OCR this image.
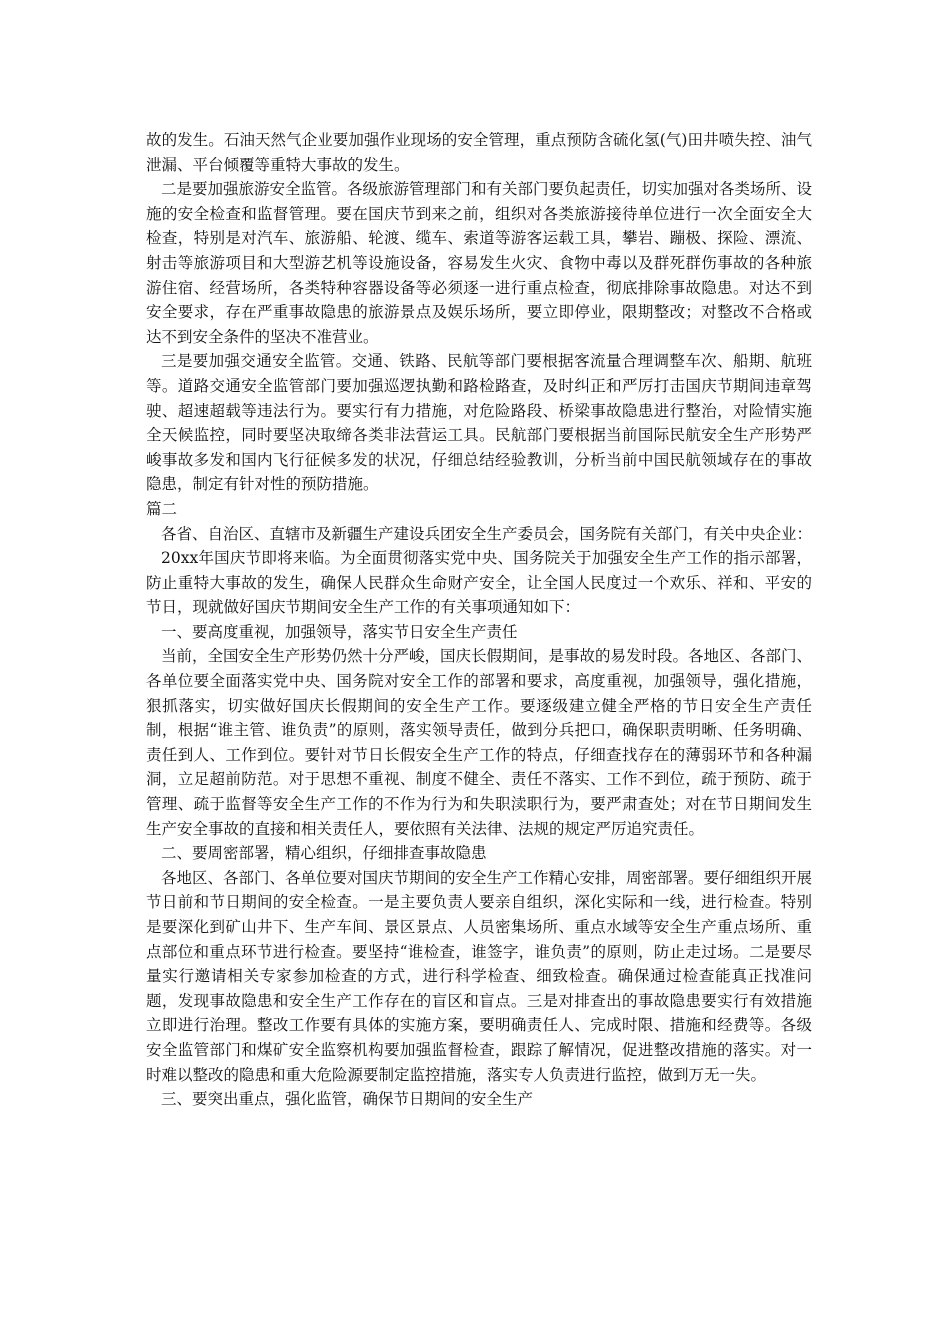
故的发生。石油天然气企业要加强作业现场的安全管理，重点预防含硫化氢(气)田井喷失控、油气泄漏、平台倾覆等重特大事故的发生。

二是要加强旅游安全监管。各级旅游管理部门和有关部门要负起责任，切实加强对各类场所、设施的安全检查和监督管理。要在国庆节到来之前，组织对各类旅游接待单位进行一次全面安全大检查，特别是对汽车、旅游船、轮渡、缆车、索道等游客运载工具，攀岩、蹦极、探险、漂流、射击等旅游项目和大型游艺机等设施设备，容易发生火灾、食物中毒以及群死群伤事故的各种旅游住宿、经营场所，各类特种容器设备等必须逐一进行重点检查，彻底排除事故隐患。对达不到安全要求，存在严重事故隐患的旅游景点及娱乐场所，要立即停业，限期整改；对整改不合格或达不到安全条件的坚决不准营业。

三是要加强交通安全监管。交通、铁路、民航等部门要根据客流量合理调整车次、船期、航班等。道路交通安全监管部门要加强巡逻执勤和路检路查，及时纠正和严厉打击国庆节期间违章驾驶、超速超载等违法行为。要实行有力措施，对危险路段、桥梁事故隐患进行整治，对险情实施全天候监控，同时要坚决取缔各类非法营运工具。民航部门要根据当前国际民航安全生产形势严峻事故多发和国内飞行征候多发的状况，仔细总结经验教训，分析当前中国民航领域存在的事故隐患，制定有针对性的预防措施。

篇二

各省、自治区、直辖市及新疆生产建设兵团安全生产委员会，国务院有关部门，有关中央企业：

20xx年国庆节即将来临。为全面贯彻落实党中央、国务院关于加强安全生产工作的指示部署，防止重特大事故的发生，确保人民群众生命财产安全，让全国人民度过一个欢乐、祥和、平安的节日，现就做好国庆节期间安全生产工作的有关事项通知如下：

一、要高度重视，加强领导，落实节日安全生产责任

当前，全国安全生产形势仍然十分严峻，国庆长假期间，是事故的易发时段。各地区、各部门、各单位要全面落实党中央、国务院对安全工作的部署和要求，高度重视，加强领导，强化措施，狠抓落实，切实做好国庆长假期间的安全生产工作。要逐级建立健全严格的节日安全生产责任制，根据“谁主管、谁负责”的原则，落实领导责任，做到分兵把口，确保职责明晰、任务明确、责任到人、工作到位。要针对节日长假安全生产工作的特点，仔细查找存在的薄弱环节和各种漏洞，立足超前防范。对于思想不重视、制度不健全、责任不落实、工作不到位，疏于预防、疏于管理、疏于监督等安全生产工作的不作为行为和失职渎职行为，要严肃查处；对在节日期间发生生产安全事故的直接和相关责任人，要依照有关法律、法规的规定严厉追究责任。

二、要周密部署，精心组织，仔细排查事故隐患

各地区、各部门、各单位要对国庆节期间的安全生产工作精心安排，周密部署。要仔细组织开展节日前和节日期间的安全检查。一是主要负责人要亲自组织，深化实际和一线，进行检查。特别是要深化到矿山井下、生产车间、景区景点、人员密集场所、重点水域等安全生产重点场所、重点部位和重点环节进行检查。要坚持“谁检查，谁签字，谁负责”的原则，防止走过场。二是要尽量实行邀请相关专家参加检查的方式，进行科学检查、细致检查。确保通过检查能真正找准问题，发现事故隐患和安全生产工作存在的盲区和盲点。三是对排查出的事故隐患要实行有效措施立即进行治理。整改工作要有具体的实施方案，要明确责任人、完成时限、措施和经费等。各级安全监管部门和煤矿安全监察机构要加强监督检查，跟踪了解情况，促进整改措施的落实。对一时难以整改的隐患和重大危险源要制定监控措施，落实专人负责进行监控，做到万无一失。

三、要突出重点，强化监管，确保节日期间的安全生产
